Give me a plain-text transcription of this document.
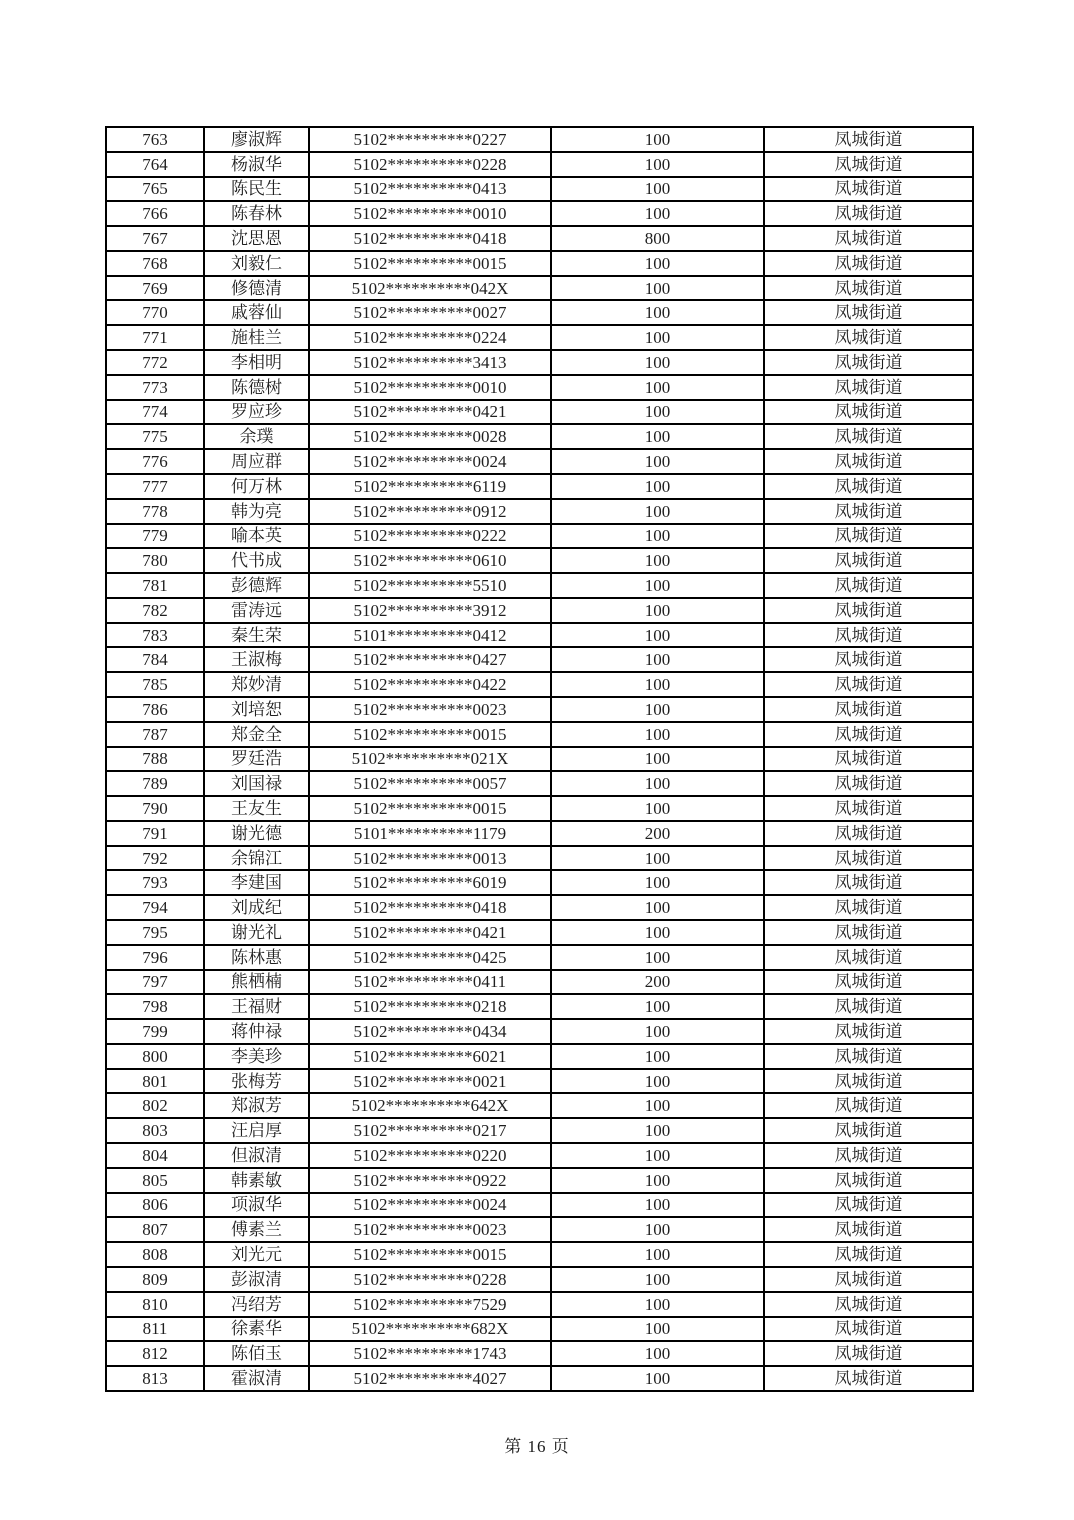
763	廖淑辉	5102**********0227	100	凤城街道
764	杨淑华	5102**********0228	100	凤城街道
765	陈民生	5102**********0413	100	凤城街道
766	陈春林	5102**********0010	100	凤城街道
767	沈思恩	5102**********0418	800	凤城街道
768	刘毅仁	5102**********0015	100	凤城街道
769	修德清	5102**********042X	100	凤城街道
770	戚蓉仙	5102**********0027	100	凤城街道
771	施桂兰	5102**********0224	100	凤城街道
772	李相明	5102**********3413	100	凤城街道
773	陈德树	5102**********0010	100	凤城街道
774	罗应珍	5102**********0421	100	凤城街道
775	余璞	5102**********0028	100	凤城街道
776	周应群	5102**********0024	100	凤城街道
777	何万林	5102**********6119	100	凤城街道
778	韩为亮	5102**********0912	100	凤城街道
779	喻本英	5102**********0222	100	凤城街道
780	代书成	5102**********0610	100	凤城街道
781	彭德辉	5102**********5510	100	凤城街道
782	雷涛远	5102**********3912	100	凤城街道
783	秦生荣	5101**********0412	100	凤城街道
784	王淑梅	5102**********0427	100	凤城街道
785	郑妙清	5102**********0422	100	凤城街道
786	刘培恕	5102**********0023	100	凤城街道
787	郑金全	5102**********0015	100	凤城街道
788	罗廷浩	5102**********021X	100	凤城街道
789	刘国禄	5102**********0057	100	凤城街道
790	王友生	5102**********0015	100	凤城街道
791	谢光德	5101**********1179	200	凤城街道
792	余锦江	5102**********0013	100	凤城街道
793	李建国	5102**********6019	100	凤城街道
794	刘成纪	5102**********0418	100	凤城街道
795	谢光礼	5102**********0421	100	凤城街道
796	陈林惠	5102**********0425	100	凤城街道
797	熊栖楠	5102**********0411	200	凤城街道
798	王福财	5102**********0218	100	凤城街道
799	蒋仲禄	5102**********0434	100	凤城街道
800	李美珍	5102**********6021	100	凤城街道
801	张梅芳	5102**********0021	100	凤城街道
802	郑淑芳	5102**********642X	100	凤城街道
803	汪启厚	5102**********0217	100	凤城街道
804	但淑清	5102**********0220	100	凤城街道
805	韩素敏	5102**********0922	100	凤城街道
806	项淑华	5102**********0024	100	凤城街道
807	傅素兰	5102**********0023	100	凤城街道
808	刘光元	5102**********0015	100	凤城街道
809	彭淑清	5102**********0228	100	凤城街道
810	冯绍芳	5102**********7529	100	凤城街道
811	徐素华	5102**********682X	100	凤城街道
812	陈佰玉	5102**********1743	100	凤城街道
813	霍淑清	5102**********4027	100	凤城街道
第 16 页
